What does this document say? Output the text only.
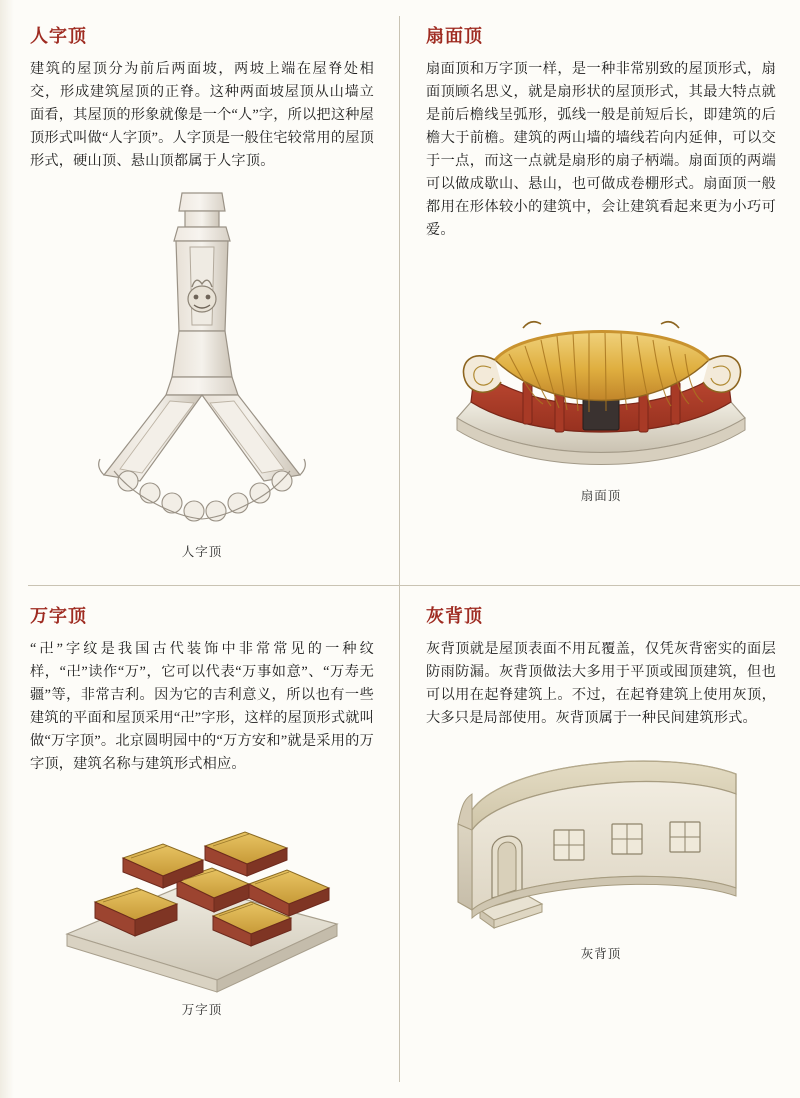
人字顶

建筑的屋顶分为前后两面坡，两坡上端在屋脊处相交，形成建筑屋顶的正脊。这种两面坡屋顶从山墙立面看，其屋顶的形象就像是一个“人”字，所以把这种屋顶形式叫做“人字顶”。人字顶是一般住宅较常用的屋顶形式，硬山顶、悬山顶都属于人字顶。

人字顶
万字顶

“卍”字纹是我国古代装饰中非常常见的一种纹样，“卍”读作“万”，它可以代表“万事如意”、“万寿无疆”等，非常吉利。因为它的吉利意义，所以也有一些建筑的平面和屋顶采用“卍”字形，这样的屋顶形式就叫做“万字顶”。北京圆明园中的“万方安和”就是采用的万字顶，建筑名称与建筑形式相应。

万字顶
扇面顶

扇面顶和万字顶一样，是一种非常别致的屋顶形式，扇面顶顾名思义，就是扇形状的屋顶形式，其最大特点就是前后檐线呈弧形，弧线一般是前短后长，即建筑的后檐大于前檐。建筑的两山墙的墙线若向内延伸，可以交于一点，而这一点就是扇形的扇子柄端。扇面顶的两端可以做成歇山、悬山，也可做成卷棚形式。扇面顶一般都用在形体较小的建筑中，会让建筑看起来更为小巧可爱。

扇面顶
灰背顶

灰背顶就是屋顶表面不用瓦覆盖，仅凭灰背密实的面层防雨防漏。灰背顶做法大多用于平顶或囤顶建筑，但也可以用在起脊建筑上。不过，在起脊建筑上使用灰顶，大多只是局部使用。灰背顶属于一种民间建筑形式。

灰背顶
